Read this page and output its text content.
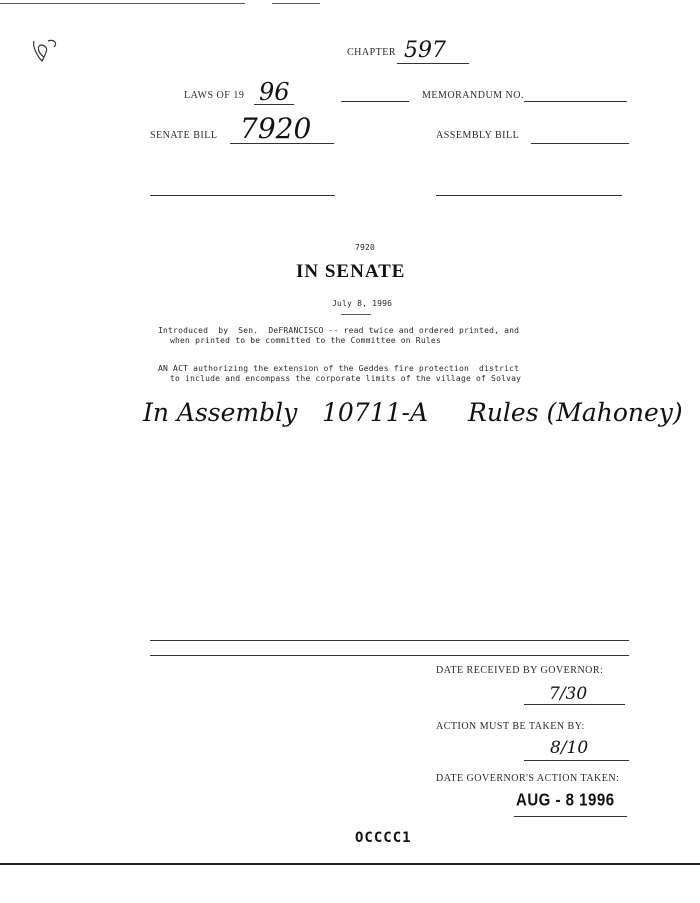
CHAPTER 597
LAWS OF 19 96	MEMORANDUM NO.
SENATE BILL 7920	ASSEMBLY BILL
7920
IN SENATE
July 8, 1996
Introduced  by  Sen.  DeFRANCISCO -- read twice and ordered printed, and
when printed to be committed to the Committee on Rules
AN ACT authorizing the extension of the Geddes fire protection  district
to include and encompass the corporate limits of the village of Solvay
In Assembly 10711-A Rules (Mahoney)
DATE RECEIVED BY GOVERNOR:
7/30
ACTION MUST BE TAKEN BY:
8/10
DATE GOVERNOR'S ACTION TAKEN:
AUG - 8 1996
OCCCC1
